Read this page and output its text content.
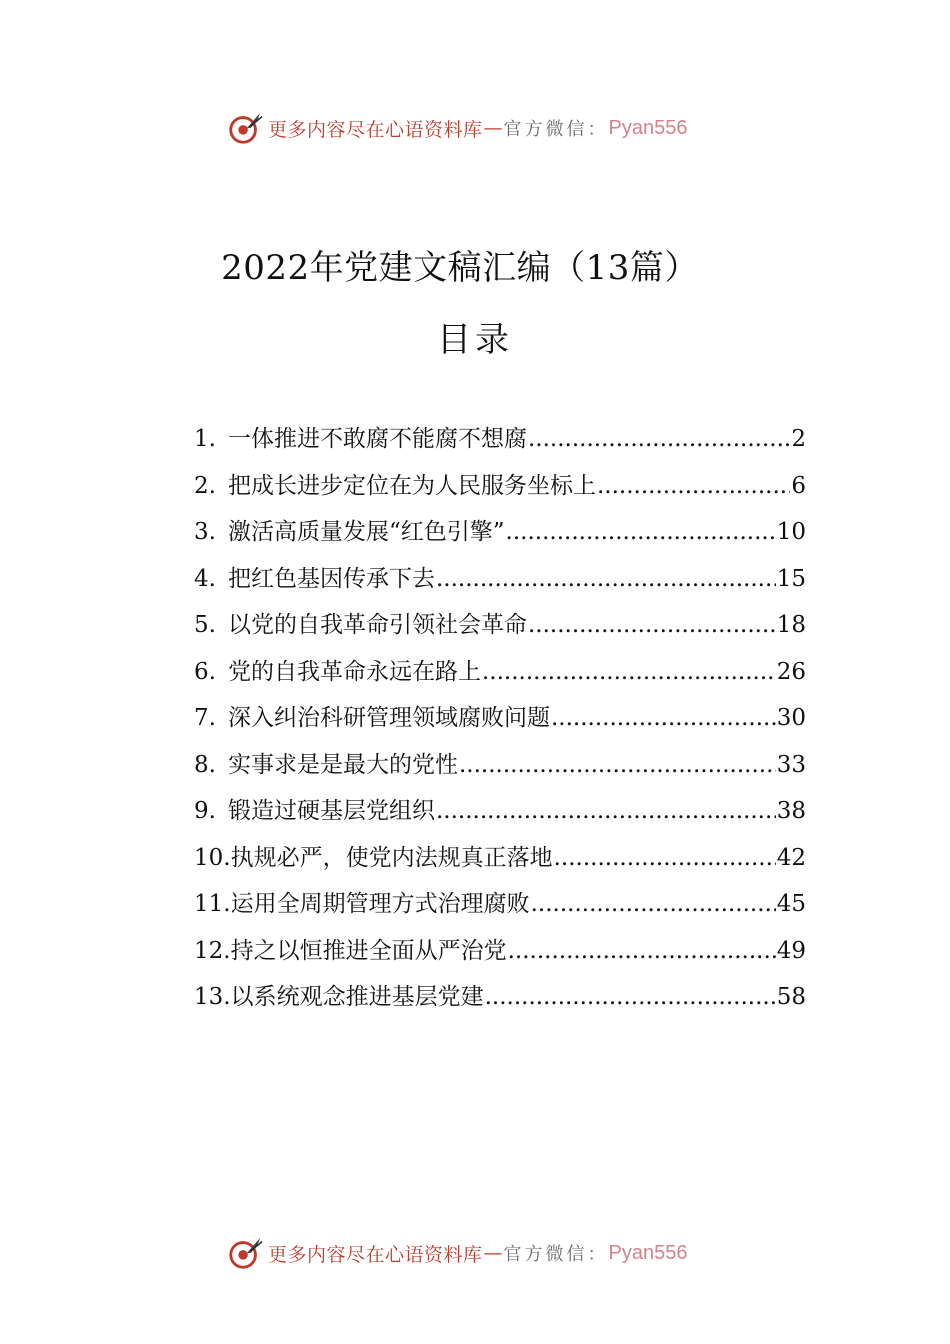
更多内容尽在心语资料库 — 官方微信： Pyan556
2022年党建文稿汇编（13篇）
目录
1. 一体推进不敢腐不能腐不想腐 .....	2
2. 把成长进步定位在为人民服务坐标上 .....	6
3. 激活高质量发展“红色引擎” .....	10
4. 把红色基因传承下去 .....	15
5. 以党的自我革命引领社会革命 .....	18
6. 党的自我革命永远在路上 .....	26
7. 深入纠治科研管理领域腐败问题 .....	30
8. 实事求是是最大的党性 .....	33
9. 锻造过硬基层党组织 .....	38
10. 执规必严，使党内法规真正落地 .....	42
11. 运用全周期管理方式治理腐败 .....	45
12. 持之以恒推进全面从严治党 .....	49
13. 以系统观念推进基层党建 .....	58
更多内容尽在心语资料库 — 官方微信： Pyan556
